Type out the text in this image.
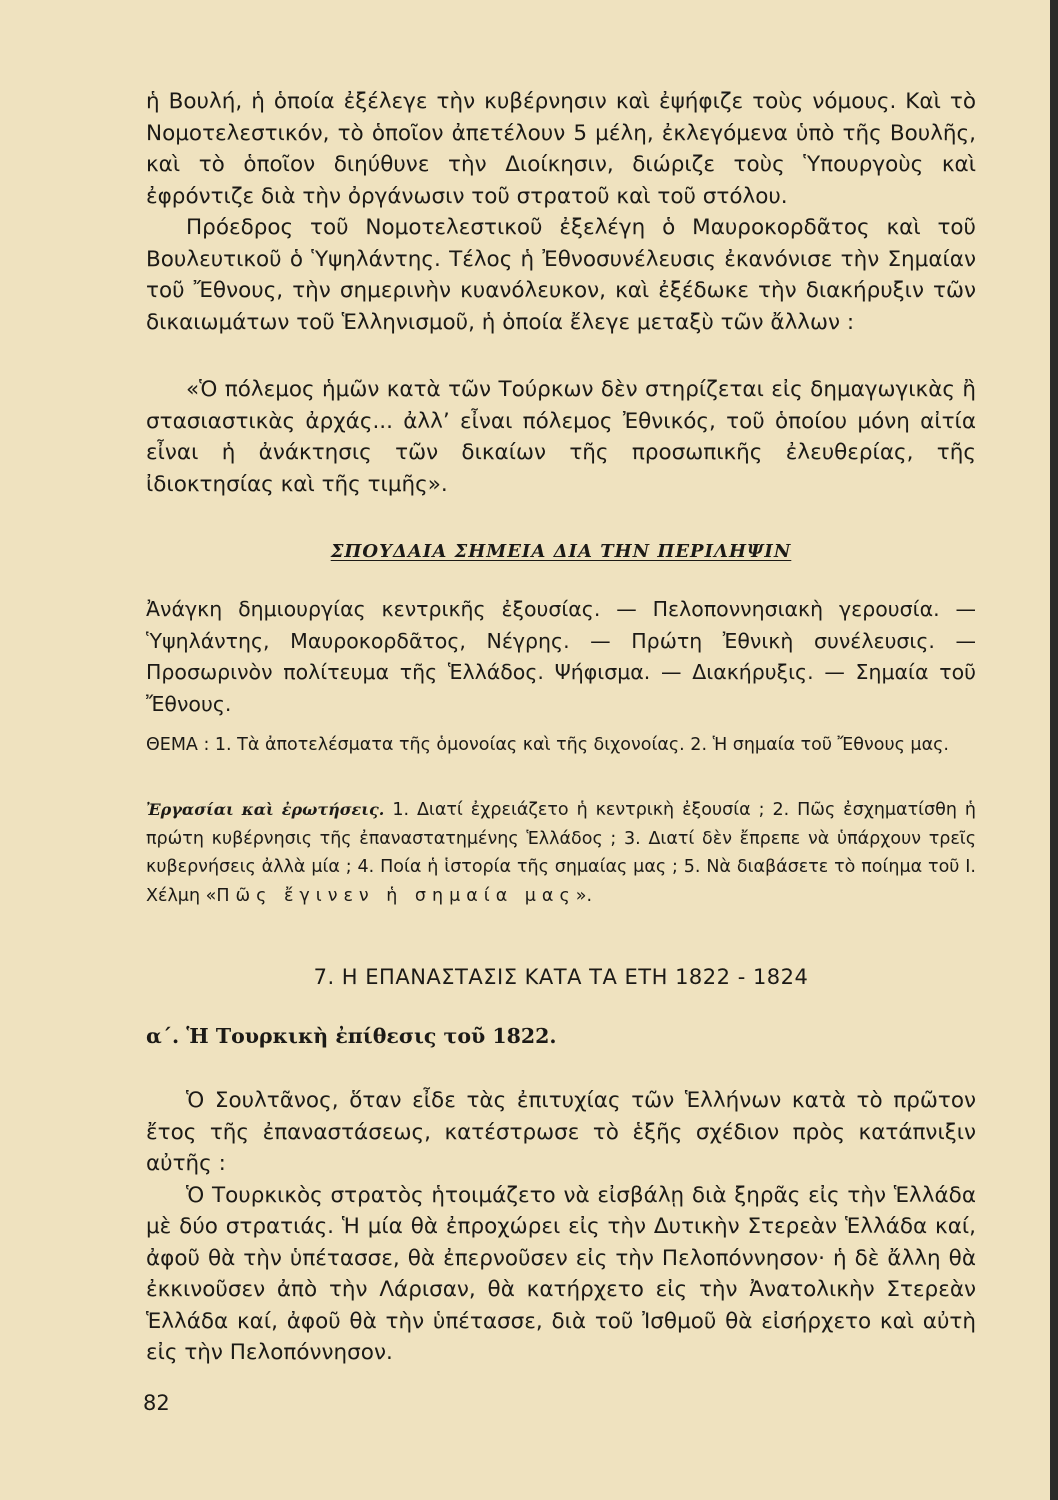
ἡ Βουλή, ἡ ὁποία ἐξέλεγε τὴν κυβέρνησιν καὶ ἐψήφιζε τοὺς νόμους. Καὶ τὸ Νομοτελεστικόν, τὸ ὁποῖον ἀπετέλουν 5 μέλη, ἐκλεγόμενα ὑπὸ τῆς Βουλῆς, καὶ τὸ ὁποῖον διηύθυνε τὴν Διοίκησιν, διώριζε τοὺς Ὑπουργοὺς καὶ ἐφρόντιζε διὰ τὴν ὀργάνωσιν τοῦ στρατοῦ καὶ τοῦ στόλου.

Πρόεδρος τοῦ Νομοτελεστικοῦ ἐξελέγη ὁ Μαυροκορδᾶτος καὶ τοῦ Βουλευτικοῦ ὁ Ὑψηλάντης. Τέλος ἡ Ἐθνοσυνέλευσις ἐκανόνισε τὴν Σημαίαν τοῦ Ἔθνους, τὴν σημερινὴν κυανόλευκον, καὶ ἐξέδωκε τὴν διακήρυξιν τῶν δικαιωμάτων τοῦ Ἑλληνισμοῦ, ἡ ὁποία ἔλεγε μεταξὺ τῶν ἄλλων :

«Ὁ πόλεμος ἡμῶν κατὰ τῶν Τούρκων δὲν στηρίζεται εἰς δημαγωγικὰς ἢ στασιαστικὰς ἀρχάς... ἀλλ’ εἶναι πόλεμος Ἐθνικός, τοῦ ὁποίου μόνη αἰτία εἶναι ἡ ἀνάκτησις τῶν δικαίων τῆς προσωπικῆς ἐλευθερίας, τῆς ἰδιοκτησίας καὶ τῆς τιμῆς».

ΣΠΟΥΔΑΙΑ ΣΗΜΕΙΑ ΔΙΑ ΤΗΝ ΠΕΡΙΛΗΨΙΝ
Ἀνάγκη δημιουργίας κεντρικῆς ἐξουσίας. — Πελοποννησιακὴ γερουσία. — Ὑψηλάντης, Μαυροκορδᾶτος, Νέγρης. — Πρώτη Ἐθνικὴ συνέλευσις. — Προσωρινὸν πολίτευμα τῆς Ἑλλάδος. Ψήφισμα. — Διακήρυξις. — Σημαία τοῦ Ἔθνους.
ΘΕΜΑ : 1. Τὰ ἀποτελέσματα τῆς ὁμονοίας καὶ τῆς διχονοίας. 2. Ἡ σημαία τοῦ Ἔθνους μας.
Ἐργασίαι καὶ ἐρωτήσεις. 1. Διατί ἐχρειάζετο ἡ κεντρικὴ ἐξουσία ; 2. Πῶς ἐσχηματίσθη ἡ πρώτη κυβέρνησις τῆς ἐπαναστατημένης Ἑλλάδος ; 3. Διατί δὲν ἔπρεπε νὰ ὑπάρχουν τρεῖς κυβερνήσεις ἀλλὰ μία ; 4. Ποία ἡ ἱστορία τῆς σημαίας μας ; 5. Νὰ διαβάσετε τὸ ποίημα τοῦ Ι. Χέλμη «Πῶς ἔγινεν ἡ σημαία μας».
7. Η ΕΠΑΝΑΣΤΑΣΙΣ ΚΑΤΑ ΤΑ ΕΤΗ 1822 - 1824
α΄. Ἡ Τουρκικὴ ἐπίθεσις τοῦ 1822.

Ὁ Σουλτᾶνος, ὅταν εἶδε τὰς ἐπιτυχίας τῶν Ἑλλήνων κατὰ τὸ πρῶτον ἔτος τῆς ἐπαναστάσεως, κατέστρωσε τὸ ἑξῆς σχέδιον πρὸς κατάπνιξιν αὐτῆς :

Ὁ Τουρκικὸς στρατὸς ἡτοιμάζετο νὰ εἰσβάλῃ διὰ ξηρᾶς εἰς τὴν Ἑλλάδα μὲ δύο στρατιάς. Ἡ μία θὰ ἐπροχώρει εἰς τὴν Δυτικὴν Στερεὰν Ἑλλάδα καί, ἀφοῦ θὰ τὴν ὑπέτασσε, θὰ ἐπερνοῦσεν εἰς τὴν Πελοπόννησον· ἡ δὲ ἄλλη θὰ ἐκκινοῦσεν ἀπὸ τὴν Λάρισαν, θὰ κατήρχετο εἰς τὴν Ἀνατολικὴν Στερεὰν Ἑλλάδα καί, ἀφοῦ θὰ τὴν ὑπέτασσε, διὰ τοῦ Ἰσθμοῦ θὰ εἰσήρχετο καὶ αὐτὴ εἰς τὴν Πελοπόννησον.

82
